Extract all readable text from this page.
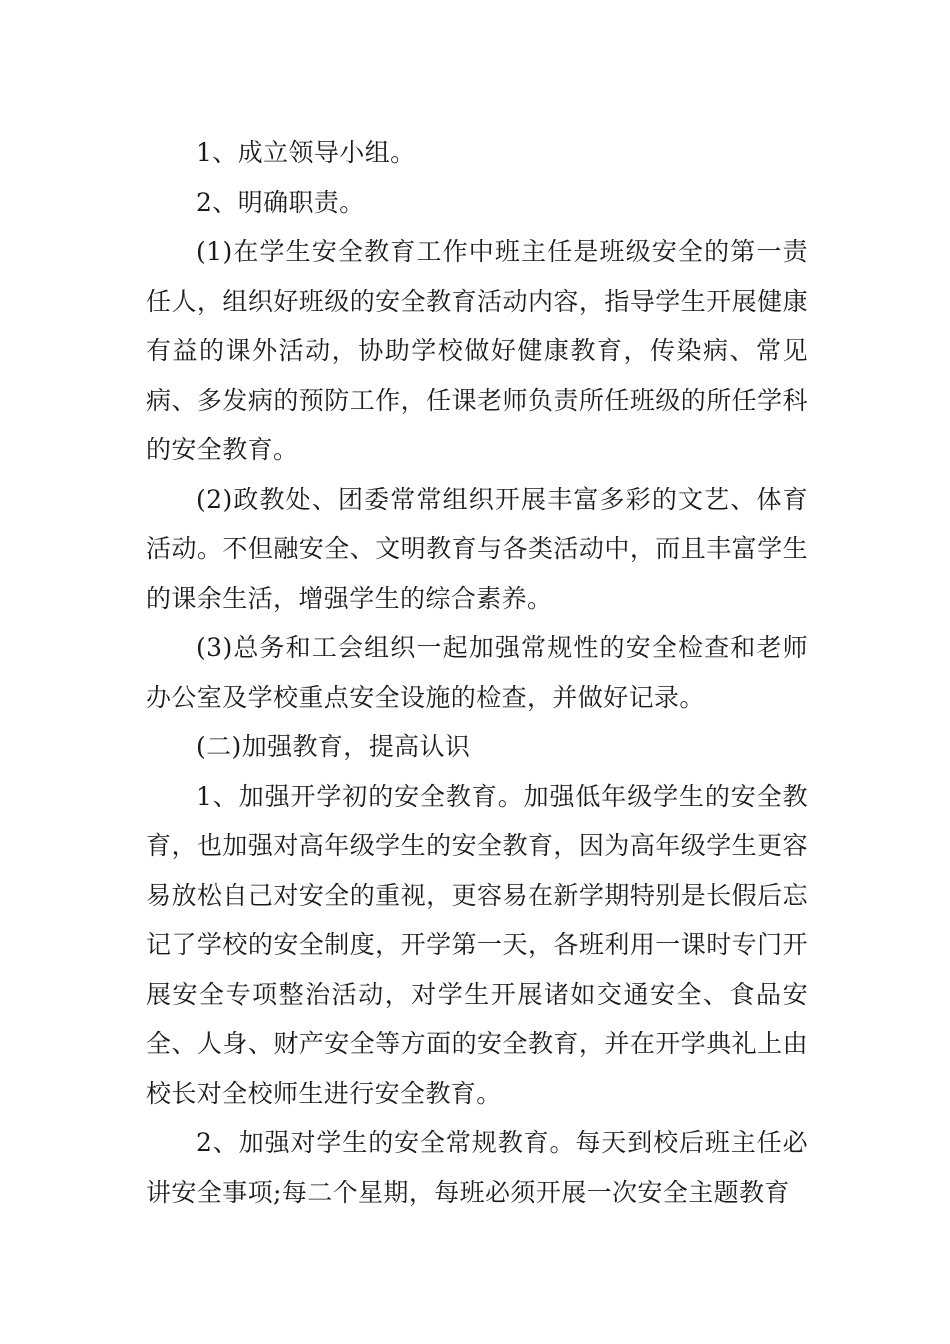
1、成立领导小组。

2、明确职责。

(1)在学生安全教育工作中班主任是班级安全的第一责任人，组织好班级的安全教育活动内容，指导学生开展健康有益的课外活动，协助学校做好健康教育，传染病、常见病、多发病的预防工作，任课老师负责所任班级的所任学科的安全教育。

(2)政教处、团委常常组织开展丰富多彩的文艺、体育活动。不但融安全、文明教育与各类活动中，而且丰富学生的课余生活，增强学生的综合素养。

(3)总务和工会组织一起加强常规性的安全检查和老师办公室及学校重点安全设施的检查，并做好记录。

(二)加强教育，提高认识

1、加强开学初的安全教育。加强低年级学生的安全教育，也加强对高年级学生的安全教育，因为高年级学生更容易放松自己对安全的重视，更容易在新学期特别是长假后忘记了学校的安全制度，开学第一天，各班利用一课时专门开展安全专项整治活动，对学生开展诸如交通安全、食品安全、人身、财产安全等方面的安全教育，并在开学典礼上由校长对全校师生进行安全教育。

2、加强对学生的安全常规教育。每天到校后班主任必讲安全事项;每二个星期，每班必须开展一次安全主题教育
